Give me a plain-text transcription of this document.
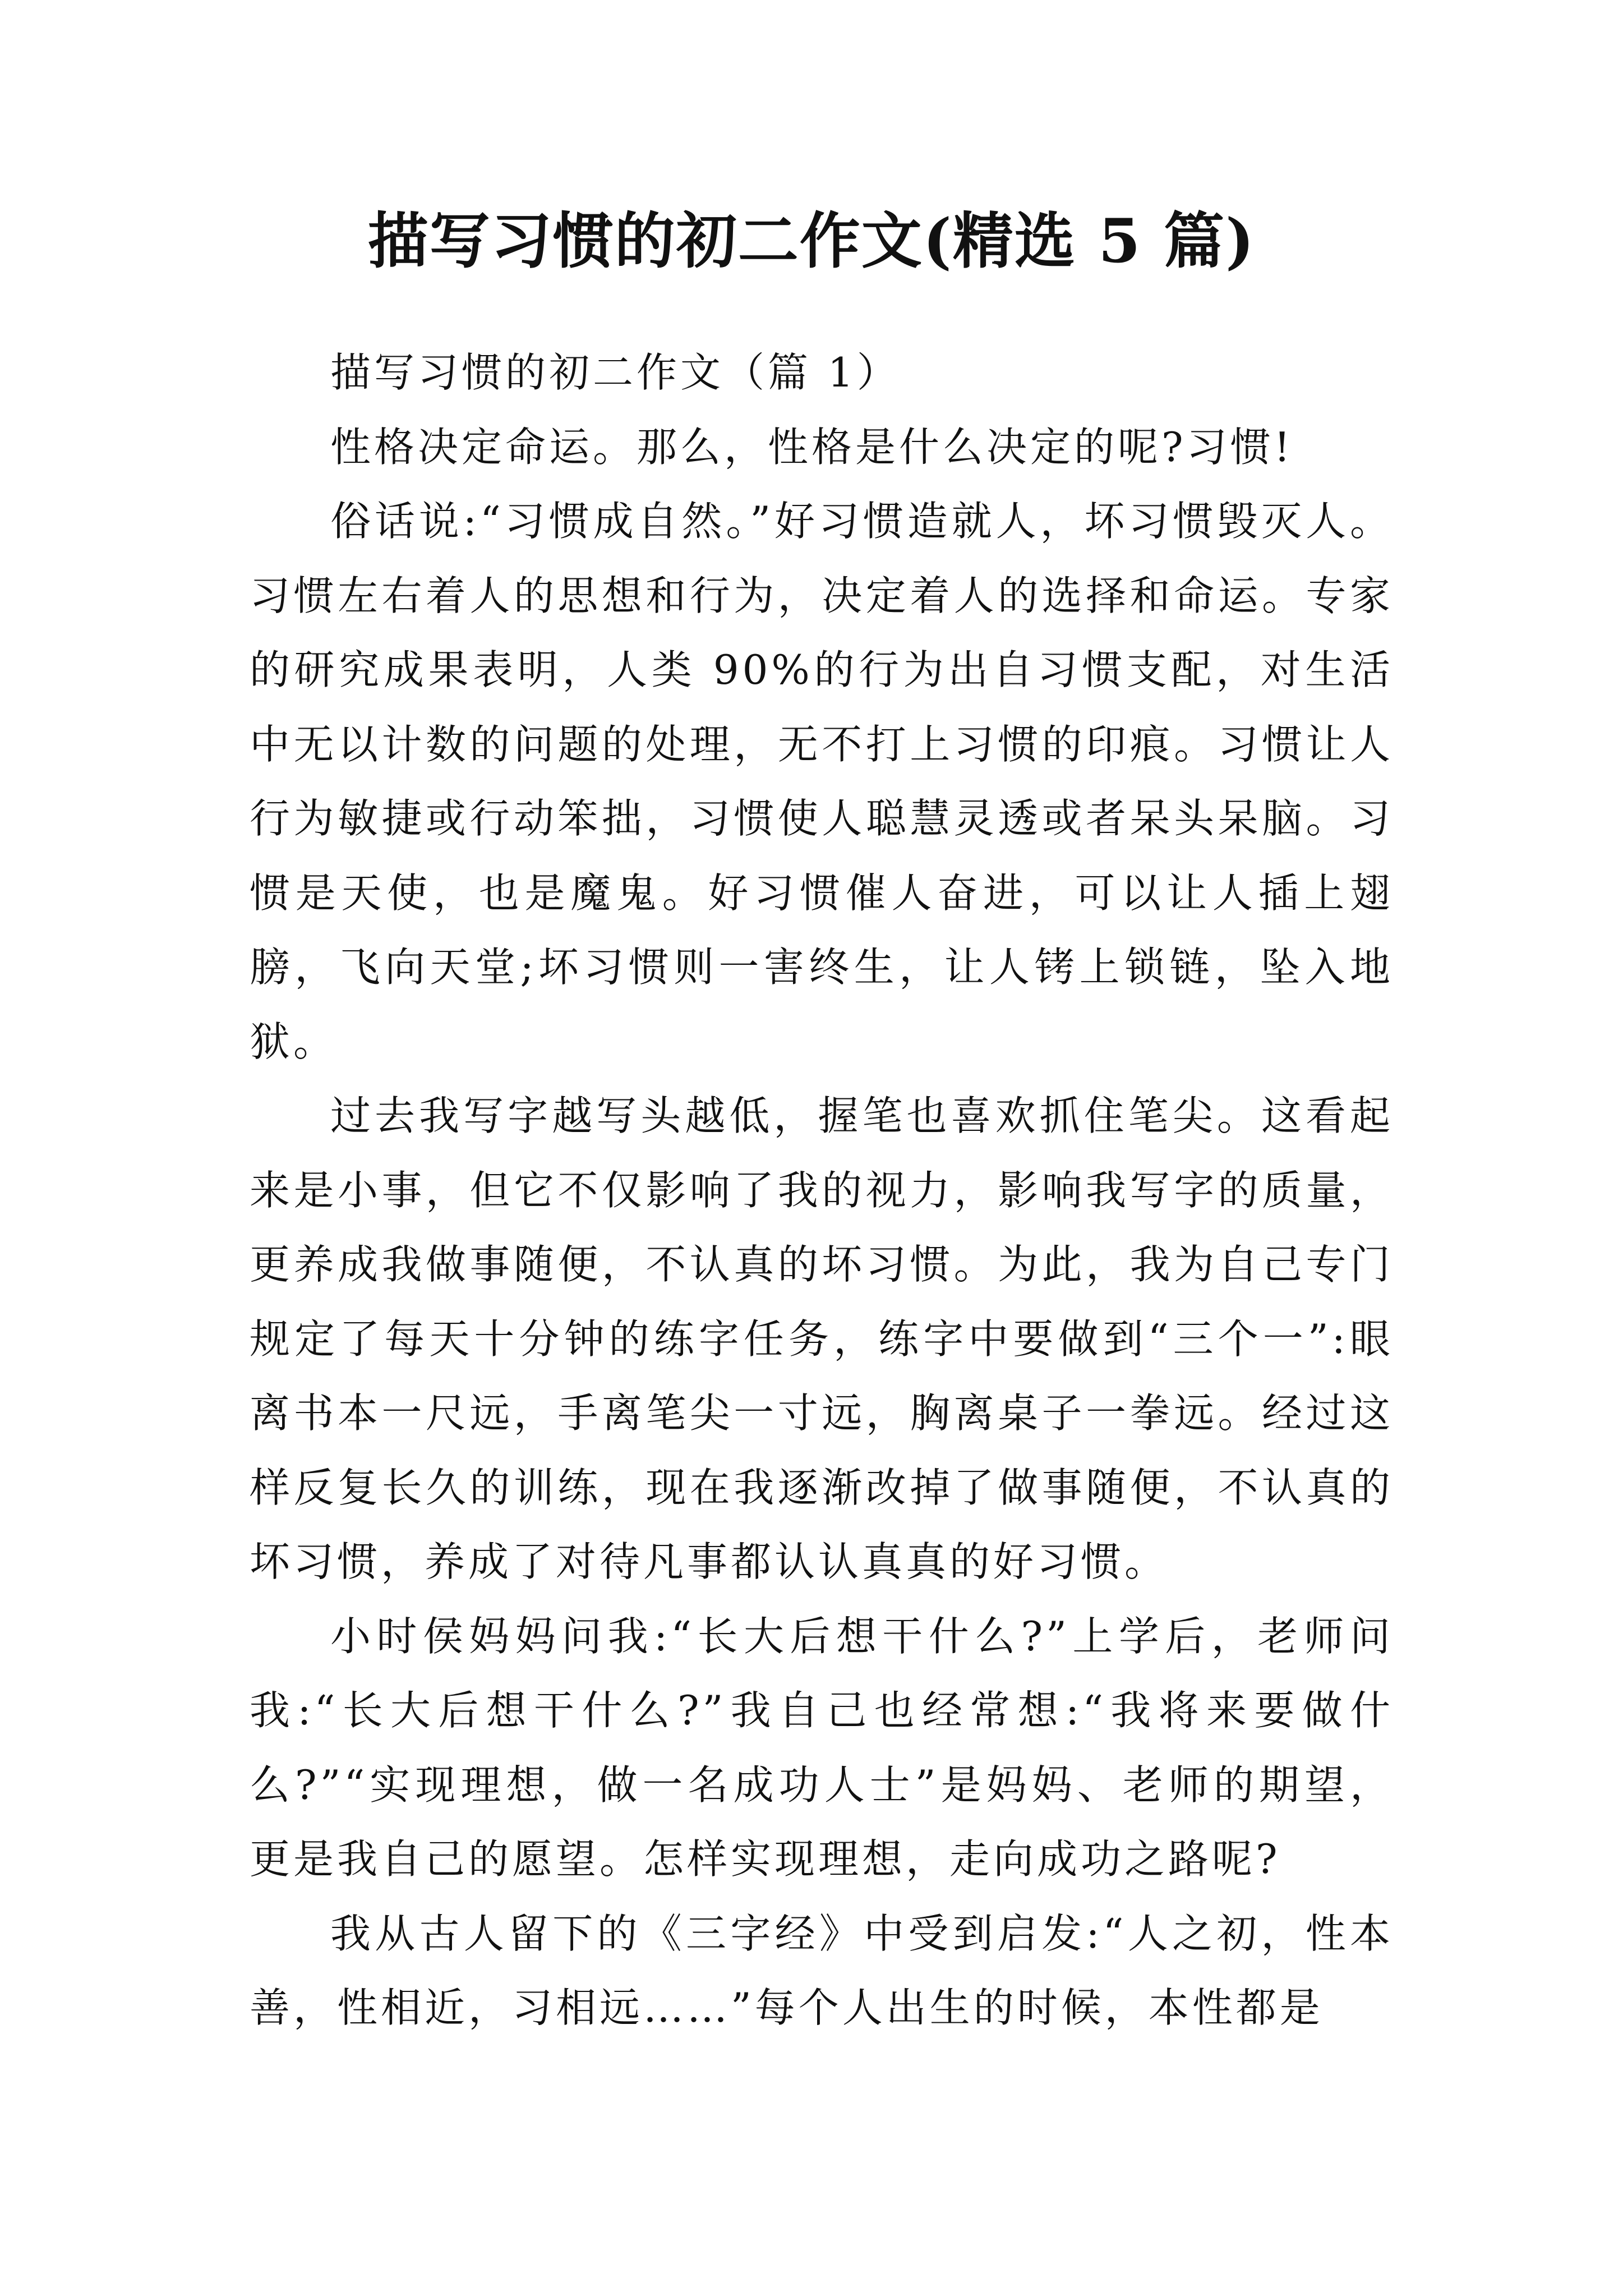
描写习惯的初二作文(精选 5 篇)

描写习惯的初二作文（篇 1）

性格决定命运。那么，性格是什么决定的呢?习惯!

俗话说:“习惯成自然。”好习惯造就人，坏习惯毁灭人。习惯左右着人的思想和行为，决定着人的选择和命运。专家的研究成果表明，人类 90%的行为出自习惯支配，对生活中无以计数的问题的处理，无不打上习惯的印痕。习惯让人行为敏捷或行动笨拙，习惯使人聪慧灵透或者呆头呆脑。习惯是天使，也是魔鬼。好习惯催人奋进，可以让人插上翅膀，飞向天堂;坏习惯则一害终生，让人铐上锁链，坠入地狱。

过去我写字越写头越低，握笔也喜欢抓住笔尖。这看起来是小事，但它不仅影响了我的视力，影响我写字的质量，更养成我做事随便，不认真的坏习惯。为此，我为自己专门规定了每天十分钟的练字任务，练字中要做到“三个一”:眼离书本一尺远，手离笔尖一寸远，胸离桌子一拳远。经过这样反复长久的训练，现在我逐渐改掉了做事随便，不认真的坏习惯，养成了对待凡事都认认真真的好习惯。

小时侯妈妈问我:“长大后想干什么?”上学后，老师问我:“长大后想干什么?”我自己也经常想:“我将来要做什么?”“实现理想，做一名成功人士”是妈妈、老师的期望，更是我自己的愿望。怎样实现理想，走向成功之路呢?

我从古人留下的《三字经》中受到启发:“人之初，性本善，性相近，习相远……”每个人出生的时候，本性都是
